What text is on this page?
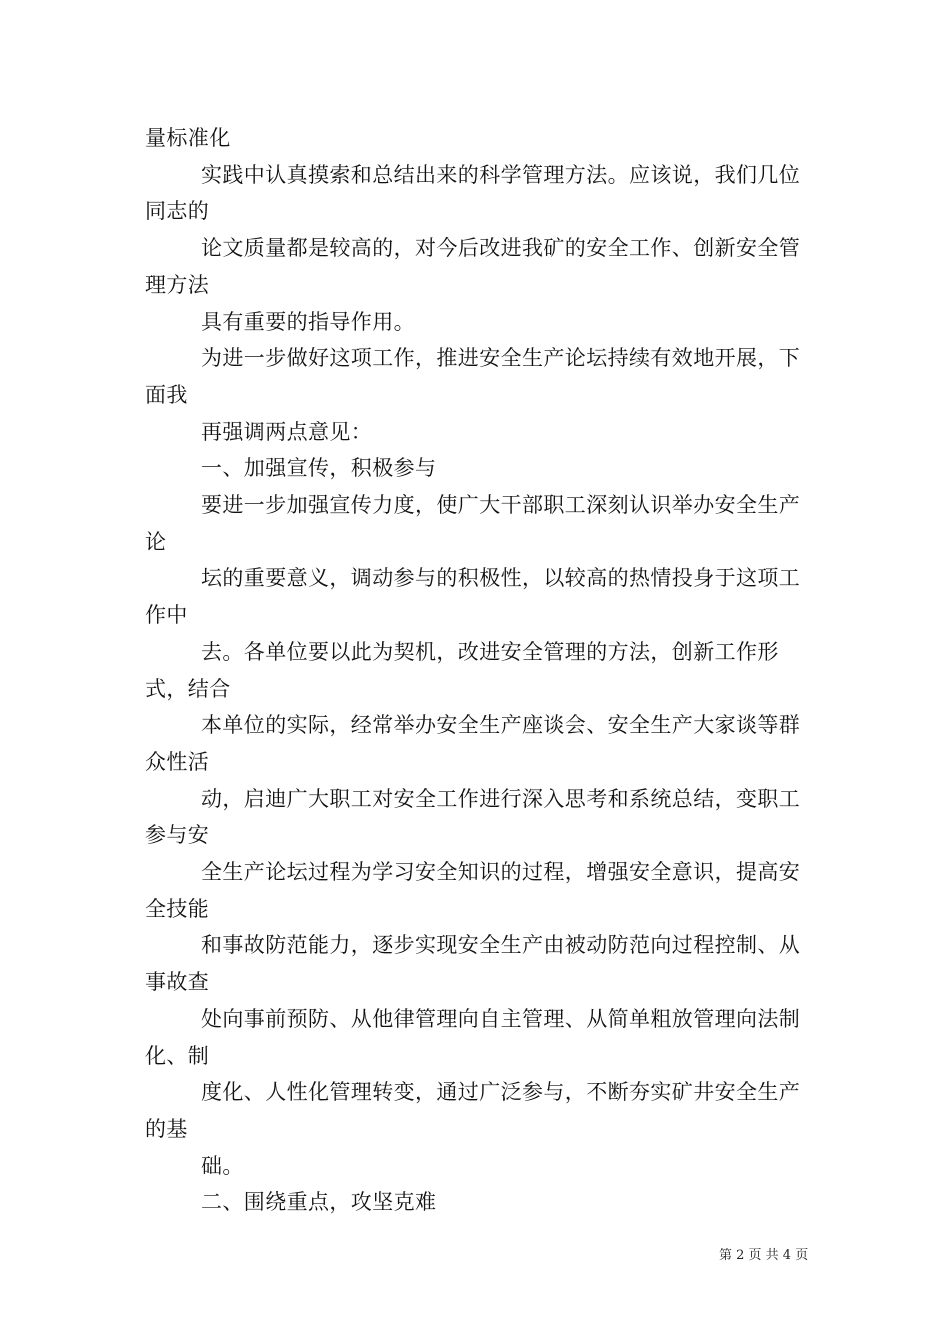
量标准化

实践中认真摸索和总结出来的科学管理方法。应该说，我们几位同志的

论文质量都是较高的，对今后改进我矿的安全工作、创新安全管理方法

具有重要的指导作用。

为进一步做好这项工作，推进安全生产论坛持续有效地开展，下面我

再强调两点意见：

一、加强宣传，积极参与

要进一步加强宣传力度，使广大干部职工深刻认识举办安全生产论

坛的重要意义，调动参与的积极性，以较高的热情投身于这项工作中

去。各单位要以此为契机，改进安全管理的方法，创新工作形式，结合

本单位的实际，经常举办安全生产座谈会、安全生产大家谈等群众性活

动，启迪广大职工对安全工作进行深入思考和系统总结，变职工参与安

全生产论坛过程为学习安全知识的过程，增强安全意识，提高安全技能

和事故防范能力，逐步实现安全生产由被动防范向过程控制、从事故查

处向事前预防、从他律管理向自主管理、从简单粗放管理向法制化、制

度化、人性化管理转变，通过广泛参与，不断夯实矿井安全生产的基

础。

二、围绕重点，攻坚克难

第 2 页 共 4 页
